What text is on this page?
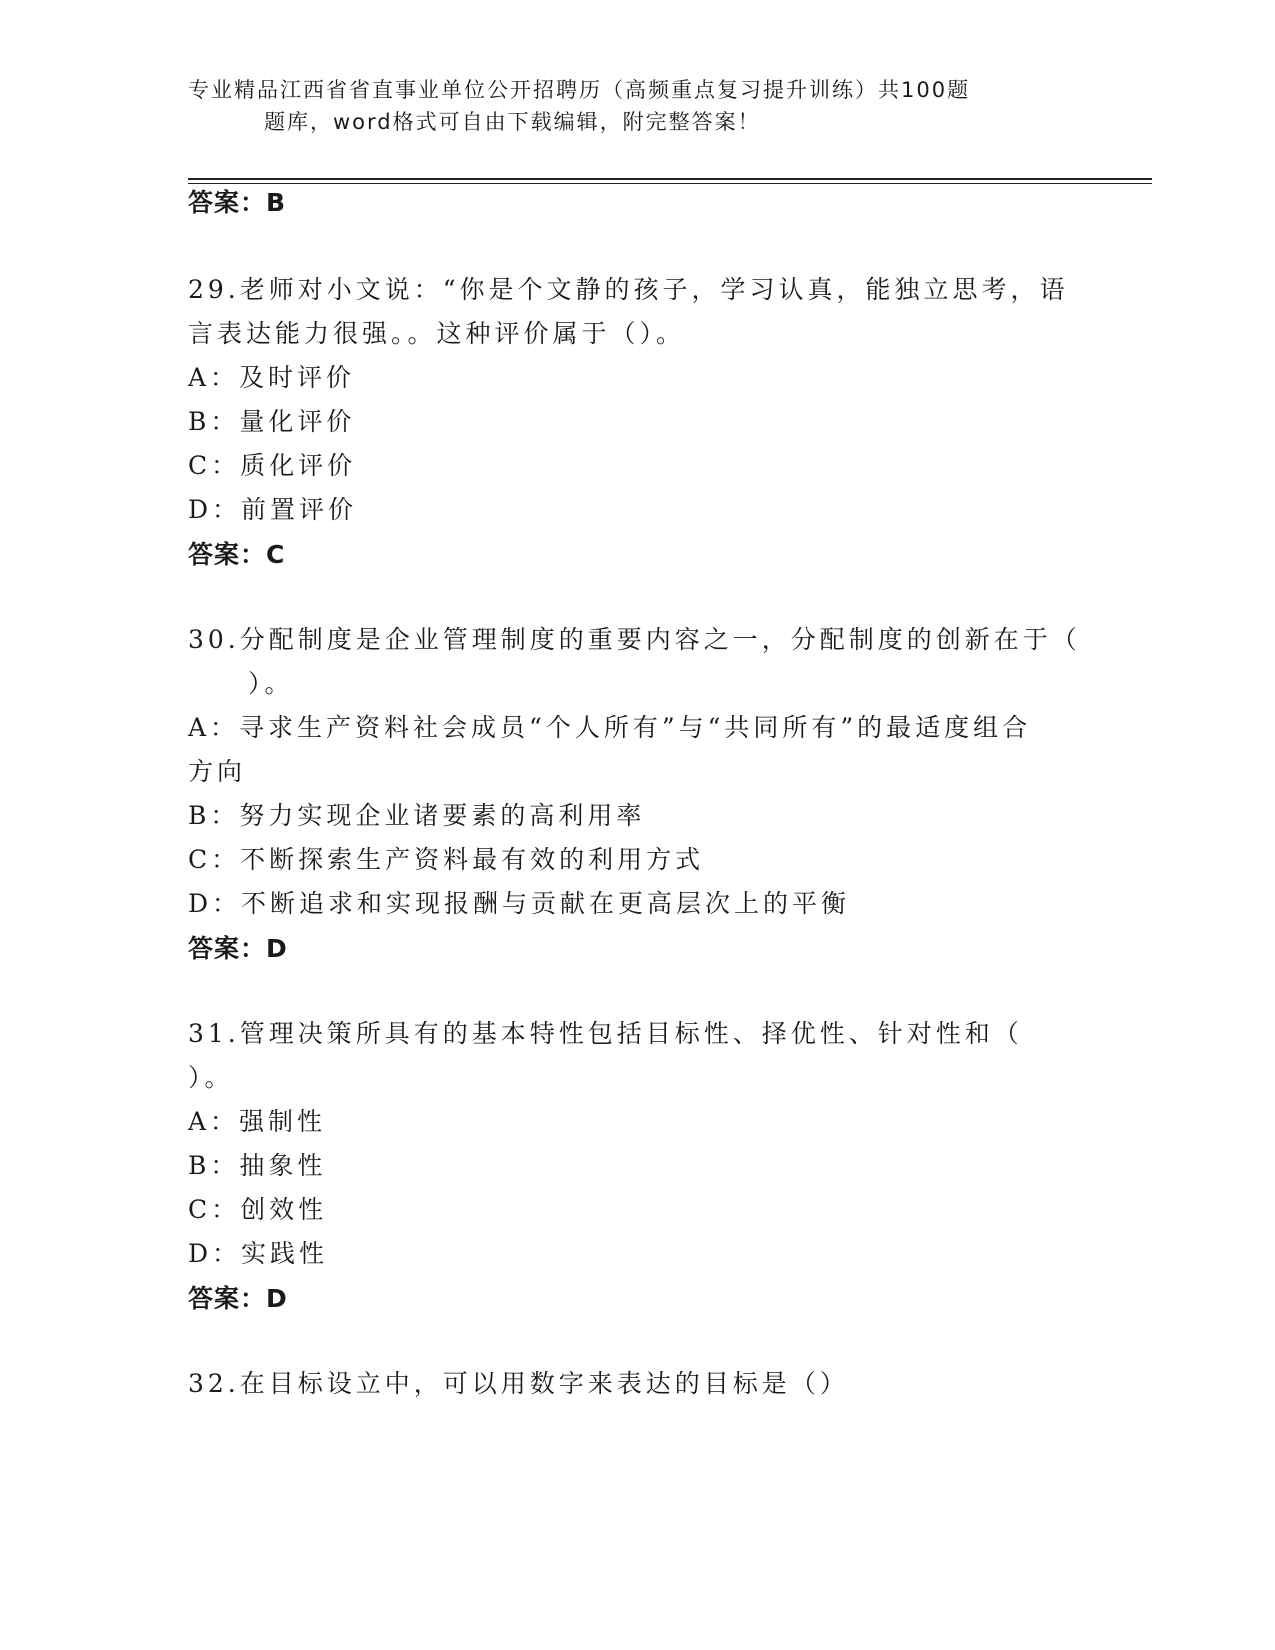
专业精品江西省省直事业单位公开招聘历（高频重点复习提升训练）共100题
题库，word格式可自由下载编辑，附完整答案！
答案：B
29.老师对小文说：“你是个文静的孩子，学习认真，能独立思考，语
言表达能力很强。。这种评价属于（）。
A：及时评价
B：量化评价
C：质化评价
D：前置评价
答案：C
30.分配制度是企业管理制度的重要内容之一，分配制度的创新在于（
）。
A：寻求生产资料社会成员“个人所有”与“共同所有”的最适度组合
方向
B：努力实现企业诸要素的高利用率
C：不断探索生产资料最有效的利用方式
D：不断追求和实现报酬与贡献在更高层次上的平衡
答案：D
31.管理决策所具有的基本特性包括目标性、择优性、针对性和（
）。
A：强制性
B：抽象性
C：创效性
D：实践性
答案：D
32.在目标设立中，可以用数字来表达的目标是（）
